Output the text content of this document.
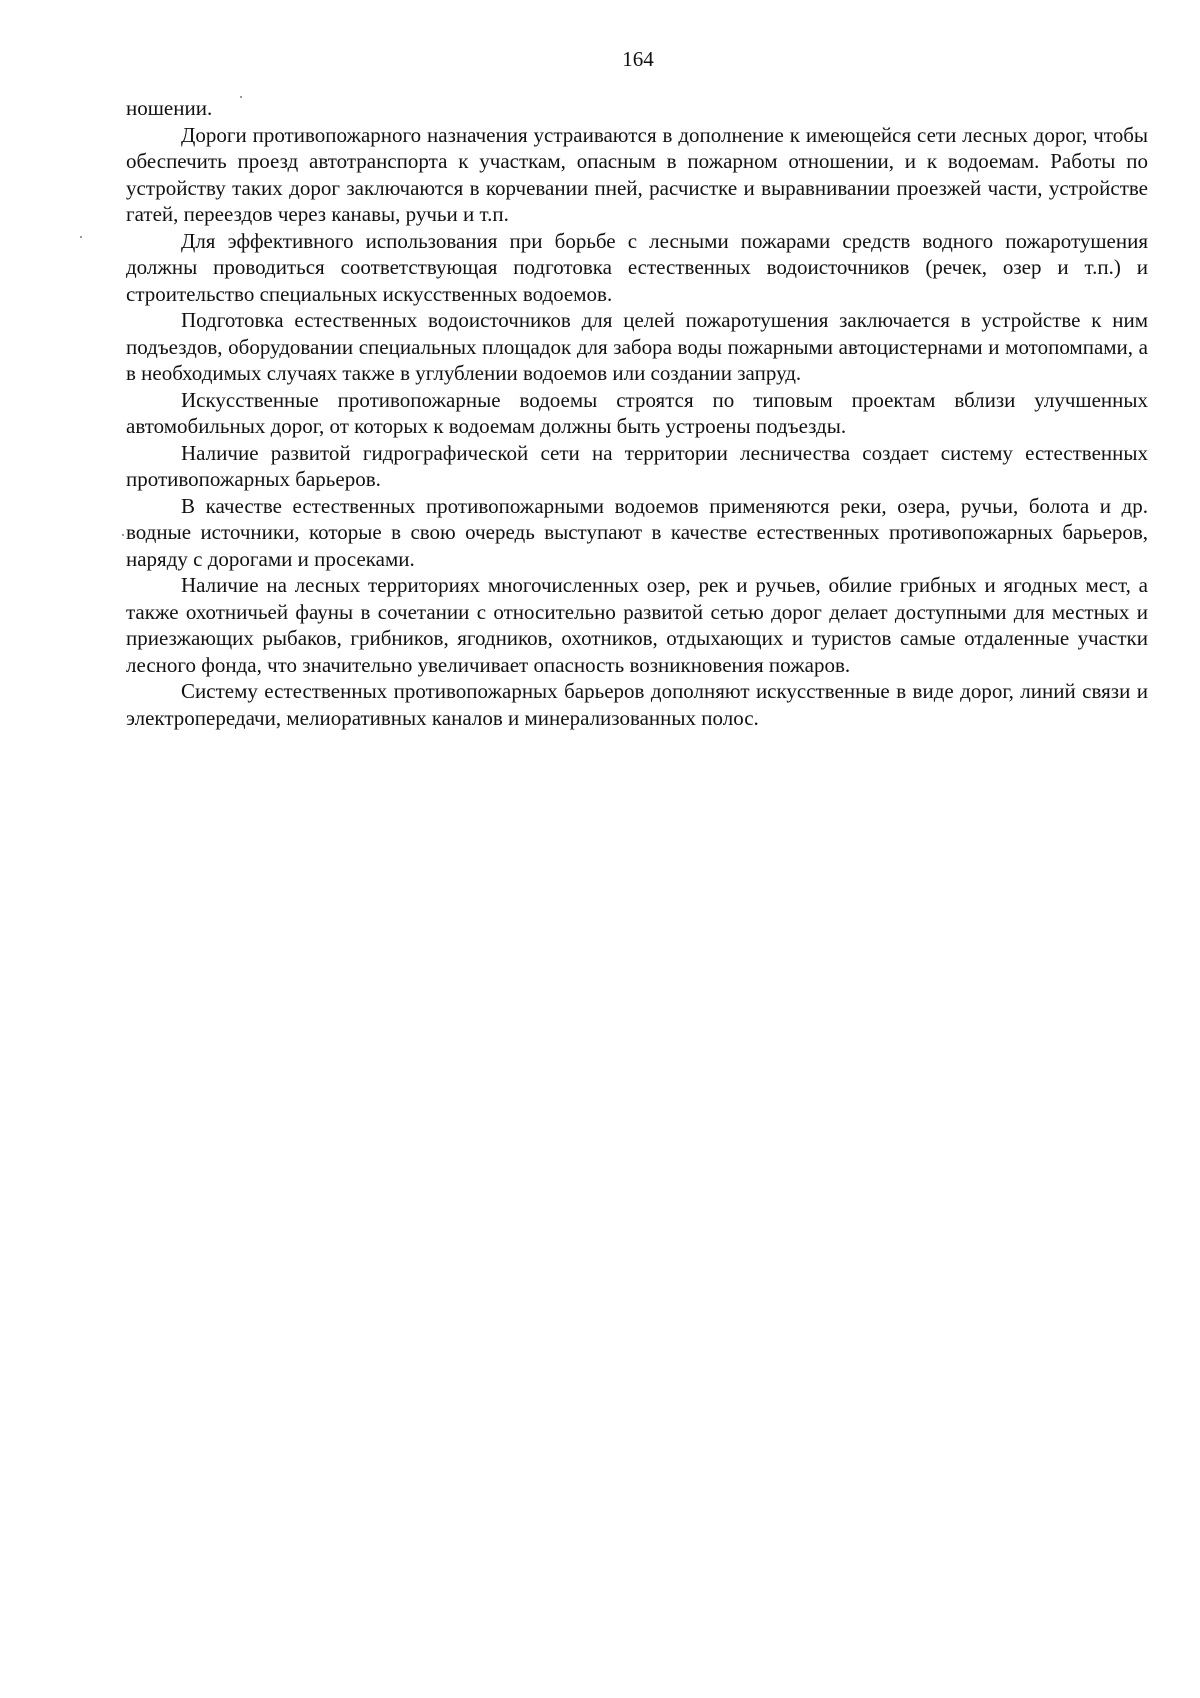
164

ношении.

Дороги противопожарного назначения устраиваются в дополнение к имеющейся сети лесных дорог, чтобы обеспечить проезд автотранспорта к участкам, опасным в пожарном отношении, и к водоемам. Работы по устройству таких дорог заключаются в корчевании пней, расчистке и выравнивании проезжей части, устройстве гатей, переездов через канавы, ручьи и т.п.

Для эффективного использования при борьбе с лесными пожарами средств водного пожаротушения должны проводиться соответствующая подготовка естественных водоисточников (речек, озер и т.п.) и строительство специальных искусственных водоемов.

Подготовка естественных водоисточников для целей пожаротушения заключается в устройстве к ним подъездов, оборудовании специальных площадок для забора воды пожарными автоцистернами и мотопомпами, а в необходимых случаях также в углублении водоемов или создании запруд.

Искусственные противопожарные водоемы строятся по типовым проектам вблизи улучшенных автомобильных дорог, от которых к водоемам должны быть устроены подъезды.

Наличие развитой гидрографической сети на территории лесничества создает систему естественных противопожарных барьеров.

В качестве естественных противопожарными водоемов применяются реки, озера, ручьи, болота и др. водные источники, которые в свою очередь выступают в качестве естественных противопожарных барьеров, наряду с дорогами и просеками.

Наличие на лесных территориях многочисленных озер, рек и ручьев, обилие грибных и ягодных мест, а также охотничьей фауны в сочетании с относительно развитой сетью дорог делает доступными для местных и приезжающих рыбаков, грибников, ягодников, охотников, отдыхающих и туристов самые отдаленные участки лесного фонда, что значительно увеличивает опасность возникновения пожаров.

Систему естественных противопожарных барьеров дополняют искусственные в виде дорог, линий связи и электропередачи, мелиоративных каналов и минерализованных полос.
